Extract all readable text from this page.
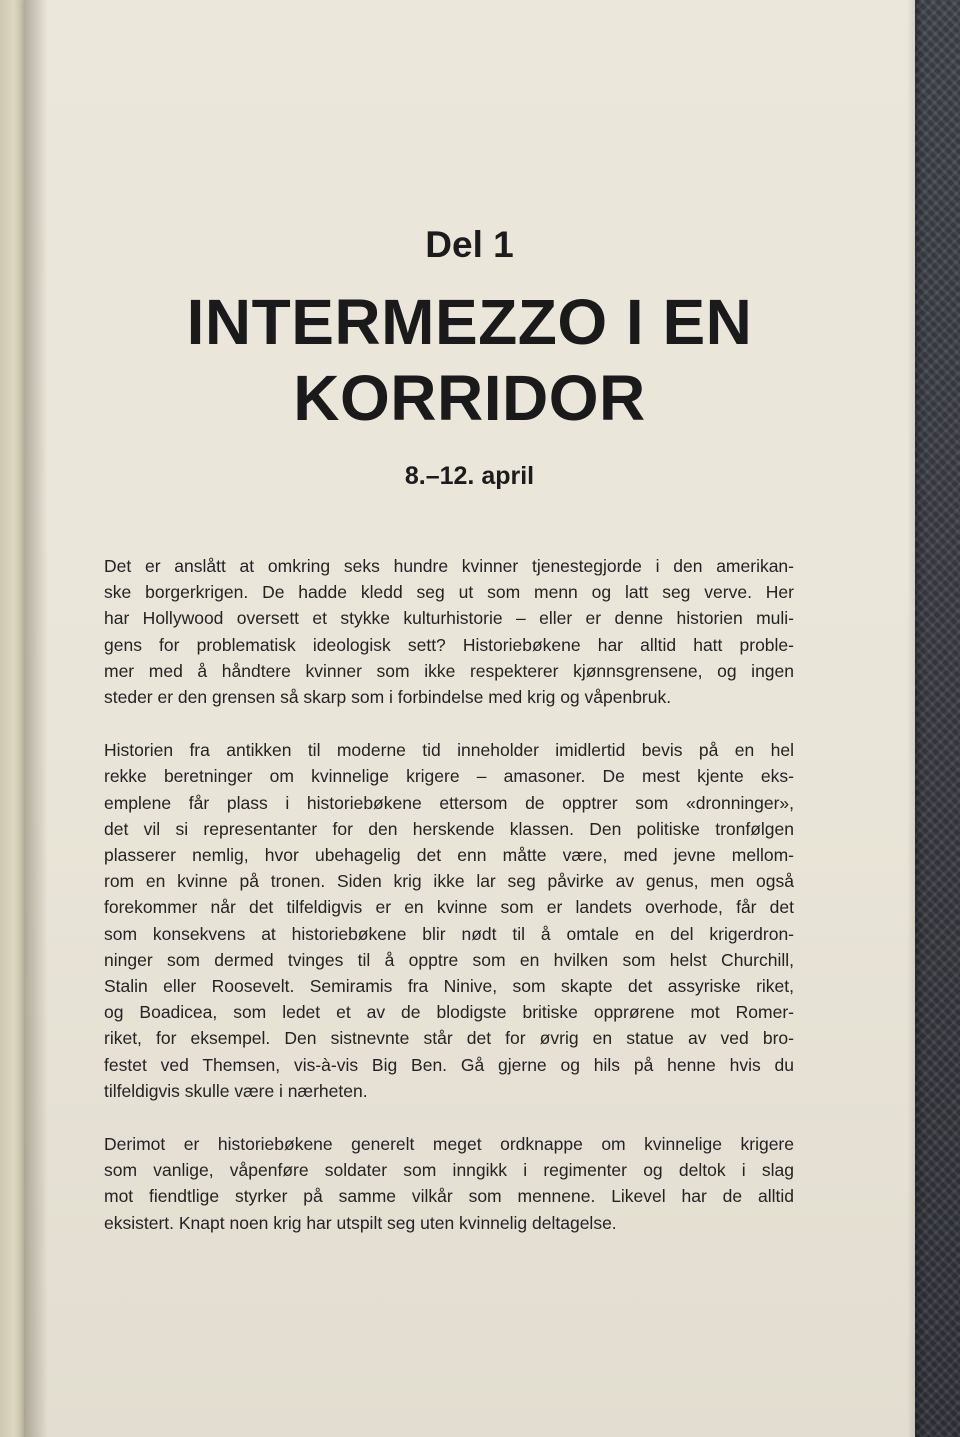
Del 1
INTERMEZZO I EN
KORRIDOR
8.–12. april

Det er anslått at omkring seks hundre kvinner tjenestegjorde i den amerikan-
ske borgerkrigen. De hadde kledd seg ut som menn og latt seg verve. Her
har Hollywood oversett et stykke kulturhistorie – eller er denne historien muli-
gens for problematisk ideologisk sett? Historiebøkene har alltid hatt proble-
mer med å håndtere kvinner som ikke respekterer kjønnsgrensene, og ingen
steder er den grensen så skarp som i forbindelse med krig og våpenbruk.

Historien fra antikken til moderne tid inneholder imidlertid bevis på en hel
rekke beretninger om kvinnelige krigere – amasoner. De mest kjente eks-
emplene får plass i historiebøkene ettersom de opptrer som «dronninger»,
det vil si representanter for den herskende klassen. Den politiske tronfølgen
plasserer nemlig, hvor ubehagelig det enn måtte være, med jevne mellom-
rom en kvinne på tronen. Siden krig ikke lar seg påvirke av genus, men også
forekommer når det tilfeldigvis er en kvinne som er landets overhode, får det
som konsekvens at historiebøkene blir nødt til å omtale en del krigerdron-
ninger som dermed tvinges til å opptre som en hvilken som helst Churchill,
Stalin eller Roosevelt. Semiramis fra Ninive, som skapte det assyriske riket,
og Boadicea, som ledet et av de blodigste britiske opprørene mot Romer-
riket, for eksempel. Den sistnevnte står det for øvrig en statue av ved bro-
festet ved Themsen, vis-à-vis Big Ben. Gå gjerne og hils på henne hvis du
tilfeldigvis skulle være i nærheten.

Derimot er historiebøkene generelt meget ordknappe om kvinnelige krigere
som vanlige, våpenføre soldater som inngikk i regimenter og deltok i slag
mot fiendtlige styrker på samme vilkår som mennene. Likevel har de alltid
eksistert. Knapt noen krig har utspilt seg uten kvinnelig deltagelse.
